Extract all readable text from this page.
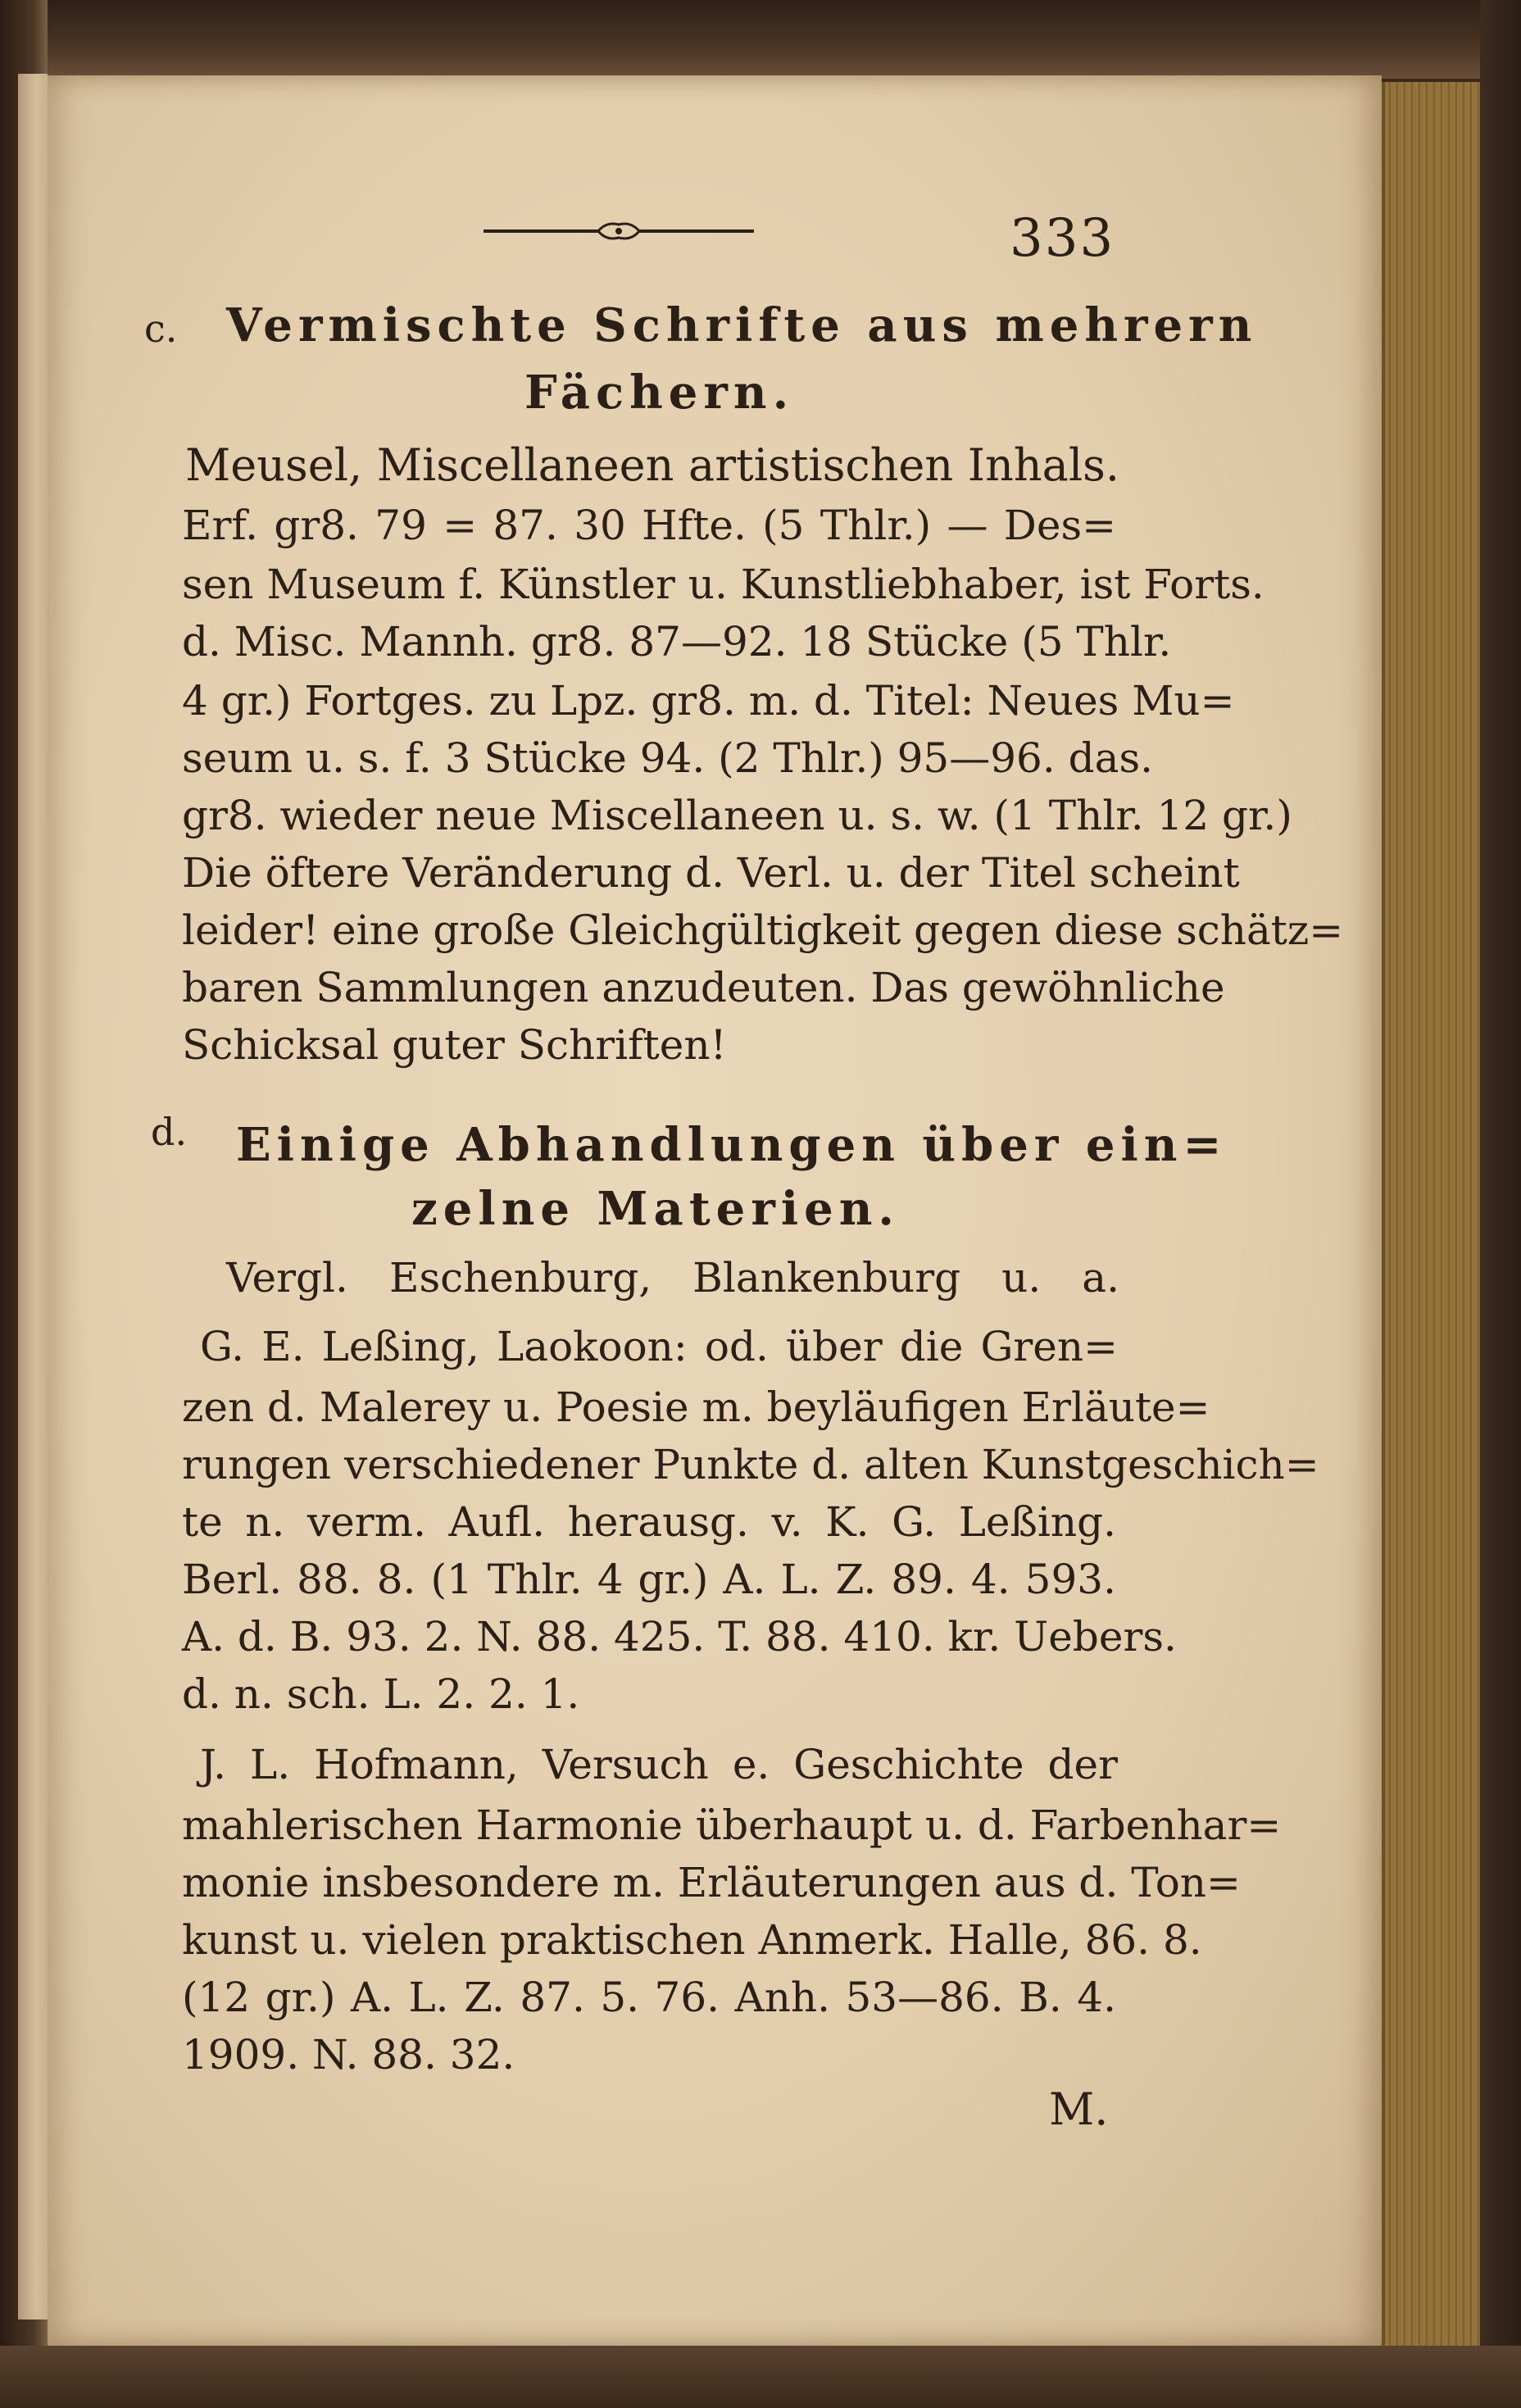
333
c. Vermischte Schrifte aus mehrern
Fächern.
Meusel, Miscellaneen artistischen Inhals.
Erf. gr8. 79 = 87. 30 Hfte. (5 Thlr.) — Des=
sen Museum f. Künstler u. Kunstliebhaber, ist Forts.
d. Misc. Mannh. gr8. 87—92. 18 Stücke (5 Thlr.
4 gr.) Fortges. zu Lpz. gr8. m. d. Titel: Neues Mu=
seum u. s. f. 3 Stücke 94. (2 Thlr.) 95—96. das.
gr8. wieder neue Miscellaneen u. s. w. (1 Thlr. 12 gr.)
Die öftere Veränderung d. Verl. u. der Titel scheint
leider! eine große Gleichgültigkeit gegen diese schätz=
baren Sammlungen anzudeuten. Das gewöhnliche
Schicksal guter Schriften!
d. Einige Abhandlungen über ein=
zelne Materien.
Vergl. Eschenburg, Blankenburg u. a.
G. E. Leßing, Laokoon: od. über die Gren=
zen d. Malerey u. Poesie m. beyläufigen Erläute=
rungen verschiedener Punkte d. alten Kunstgeschich=
te n. verm. Aufl. herausg. v. K. G. Leßing.
Berl. 88. 8. (1 Thlr. 4 gr.) A. L. Z. 89. 4. 593.
A. d. B. 93. 2. N. 88. 425. T. 88. 410. kr. Uebers.
d. n. sch. L. 2. 2. 1.
J. L. Hofmann, Versuch e. Geschichte der
mahlerischen Harmonie überhaupt u. d. Farbenhar=
monie insbesondere m. Erläuterungen aus d. Ton=
kunst u. vielen praktischen Anmerk. Halle, 86. 8.
(12 gr.) A. L. Z. 87. 5. 76. Anh. 53—86. B. 4.
1909. N. 88. 32.
M.
